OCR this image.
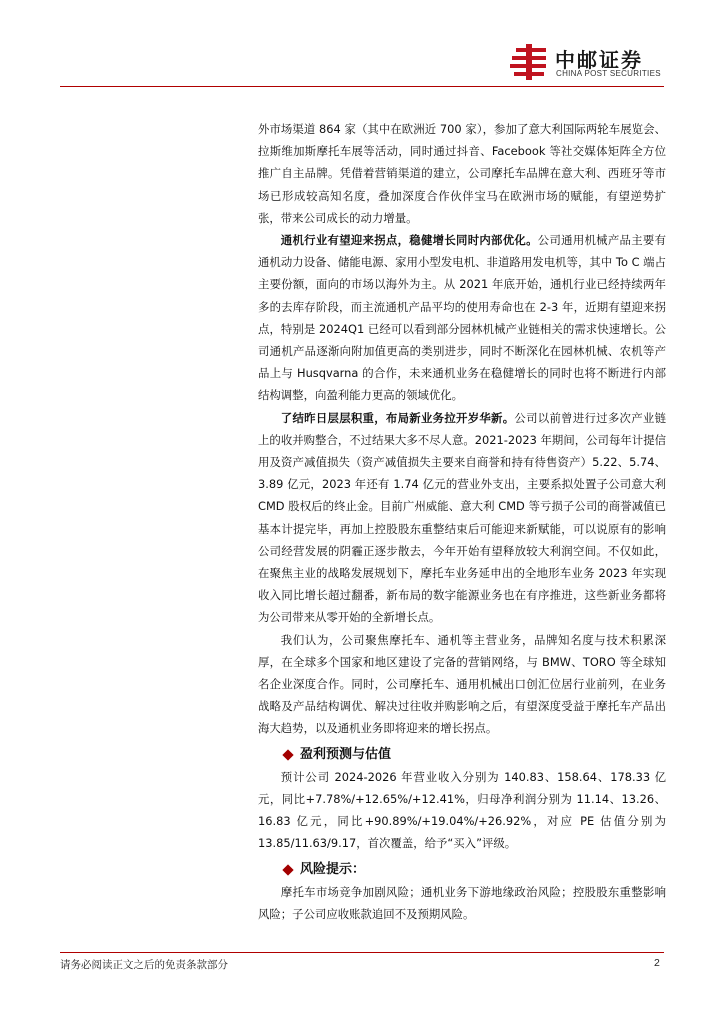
中邮证券
CHINA POST SECURITIES

外市场渠道 864 家（其中在欧洲近 700 家），参加了意大利国际两轮车展览会、拉斯维加斯摩托车展等活动，同时通过抖音、Facebook 等社交媒体矩阵全方位推广自主品牌。凭借着营销渠道的建立，公司摩托车品牌在意大利、西班牙等市场已形成较高知名度，叠加深度合作伙伴宝马在欧洲市场的赋能，有望逆势扩张，带来公司成长的动力增量。

通机行业有望迎来拐点，稳健增长同时内部优化。公司通用机械产品主要有通机动力设备、储能电源、家用小型发电机、非道路用发电机等，其中 To C 端占主要份额，面向的市场以海外为主。从 2021 年底开始，通机行业已经持续两年多的去库存阶段，而主流通机产品平均的使用寿命也在 2-3 年，近期有望迎来拐点，特别是 2024Q1 已经可以看到部分园林机械产业链相关的需求快速增长。公司通机产品逐渐向附加值更高的类别进步，同时不断深化在园林机械、农机等产品上与 Husqvarna 的合作，未来通机业务在稳健增长的同时也将不断进行内部结构调整，向盈利能力更高的领域优化。

了结昨日层层积重，布局新业务拉开岁华新。公司以前曾进行过多次产业链上的收并购整合，不过结果大多不尽人意。2021-2023 年期间，公司每年计提信用及资产减值损失（资产减值损失主要来自商誉和持有待售资产）5.22、5.74、3.89 亿元，2023 年还有 1.74 亿元的营业外支出，主要系拟处置子公司意大利 CMD 股权后的终止金。目前广州威能、意大利 CMD 等亏损子公司的商誉减值已基本计提完毕，再加上控股股东重整结束后可能迎来新赋能，可以说原有的影响公司经营发展的阴霾正逐步散去，今年开始有望释放较大利润空间。不仅如此，在聚焦主业的战略发展规划下，摩托车业务延申出的全地形车业务 2023 年实现收入同比增长超过翻番，新布局的数字能源业务也在有序推进，这些新业务都将为公司带来从零开始的全新增长点。

我们认为，公司聚焦摩托车、通机等主营业务，品牌知名度与技术积累深厚，在全球多个国家和地区建设了完备的营销网络，与 BMW、TORO 等全球知名企业深度合作。同时，公司摩托车、通用机械出口创汇位居行业前列，在业务战略及产品结构调优、解决过往收并购影响之后，有望深度受益于摩托车产品出海大趋势，以及通机业务即将迎来的增长拐点。

盈利预测与估值

预计公司 2024-2026 年营业收入分别为 140.83、158.64、178.33 亿元，同比+7.78%/+12.65%/+12.41%，归母净利润分别为 11.14、13.26、16.83 亿元，同比+90.89%/+19.04%/+26.92%，对应 PE 估值分别为 13.85/11.63/9.17，首次覆盖，给予“买入”评级。

风险提示：

摩托车市场竞争加剧风险；通机业务下游地缘政治风险；控股股东重整影响风险；子公司应收账款追回不及预期风险。

请务必阅读正文之后的免责条款部分	2
